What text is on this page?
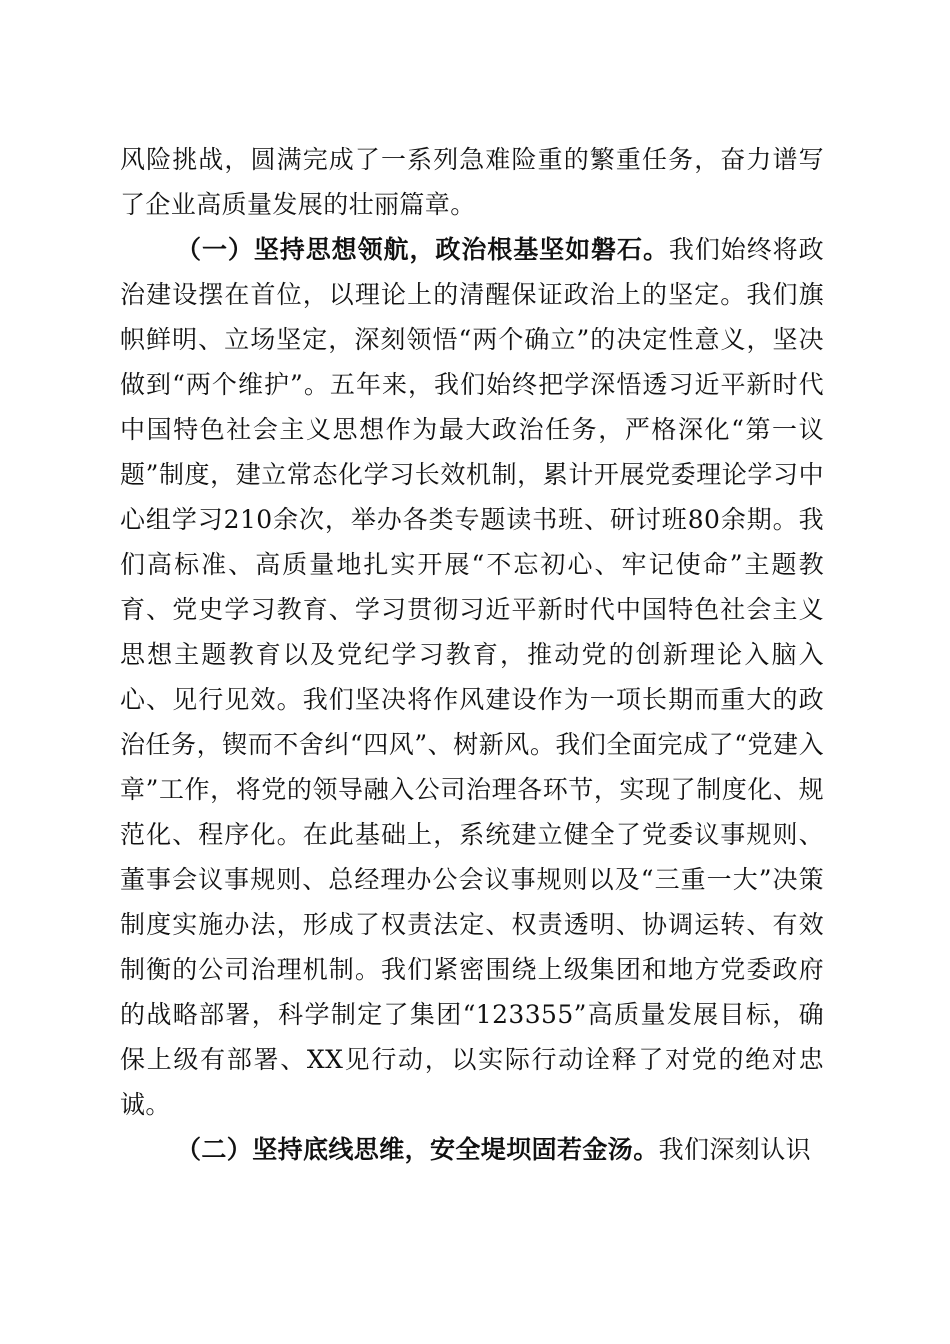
风险挑战，圆满完成了一系列急难险重的繁重任务，奋力谱写了企业高质量发展的壮丽篇章。

（一）坚持思想领航，政治根基坚如磐石。我们始终将政治建设摆在首位，以理论上的清醒保证政治上的坚定。我们旗帜鲜明、立场坚定，深刻领悟“两个确立”的决定性意义，坚决做到“两个维护”。五年来，我们始终把学深悟透习近平新时代中国特色社会主义思想作为最大政治任务，严格深化“第一议题”制度，建立常态化学习长效机制，累计开展党委理论学习中心组学习210余次，举办各类专题读书班、研讨班80余期。我们高标准、高质量地扎实开展“不忘初心、牢记使命”主题教育、党史学习教育、学习贯彻习近平新时代中国特色社会主义思想主题教育以及党纪学习教育，推动党的创新理论入脑入心、见行见效。我们坚决将作风建设作为一项长期而重大的政治任务，锲而不舍纠“四风”、树新风。我们全面完成了“党建入章”工作，将党的领导融入公司治理各环节，实现了制度化、规范化、程序化。在此基础上，系统建立健全了党委议事规则、董事会议事规则、总经理办公会议事规则以及“三重一大”决策制度实施办法，形成了权责法定、权责透明、协调运转、有效制衡的公司治理机制。我们紧密围绕上级集团和地方党委政府的战略部署，科学制定了集团“123355”高质量发展目标，确保上级有部署、XX见行动，以实际行动诠释了对党的绝对忠诚。

（二）坚持底线思维，安全堤坝固若金汤。我们深刻认识
